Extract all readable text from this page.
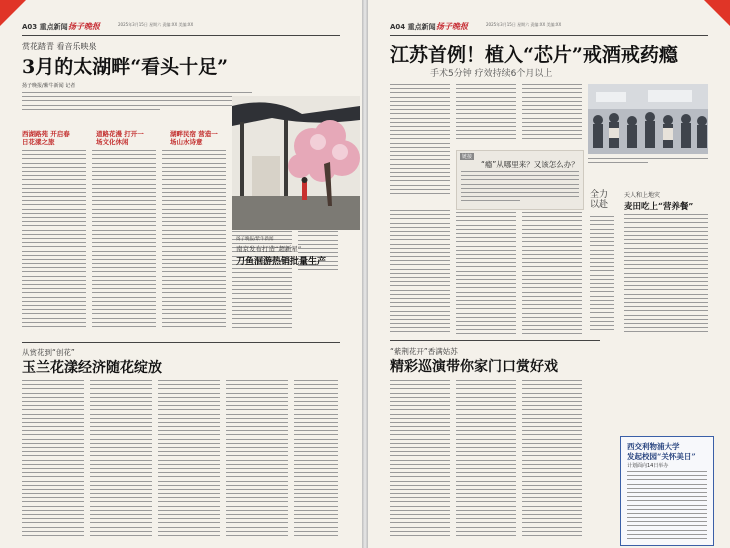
A03 重点新闻 扬子晚报	2025年3月15日 星期六 责编:XX 美编:XX
赏花踏青 看音乐映泉
3月的太湖畔“看头十足”
扬子晚报/紫牛新闻 记者
西湖路苑 开启春日花漾之旅
道路花漫 打开一场文化休闲
湖畔民宿 营造一场山水诗意
从赏花到“创花”
玉兰花漾经济随花绽放
A04 重点新闻 扬子晚报	2025年3月15日 星期六 责编:XX 美编:XX
江苏首例！植入“芯片”戒酒戒药瘾
手术5分钟 疗效持续6个月以上
链接
“瘾”从哪里来？又该怎么办？
全力以赴
天人和上地灾
麦田吃上“营养餐”
“紫荆花开”香满姑苏
精彩巡演带你家门口赏好戏
西交利物浦大学
发起校园“关怀美日”
计划面向14日举办
扬子晚报/紫牛新闻
南京发布打造“超新星”
刀鱼洄游热销批量生产
